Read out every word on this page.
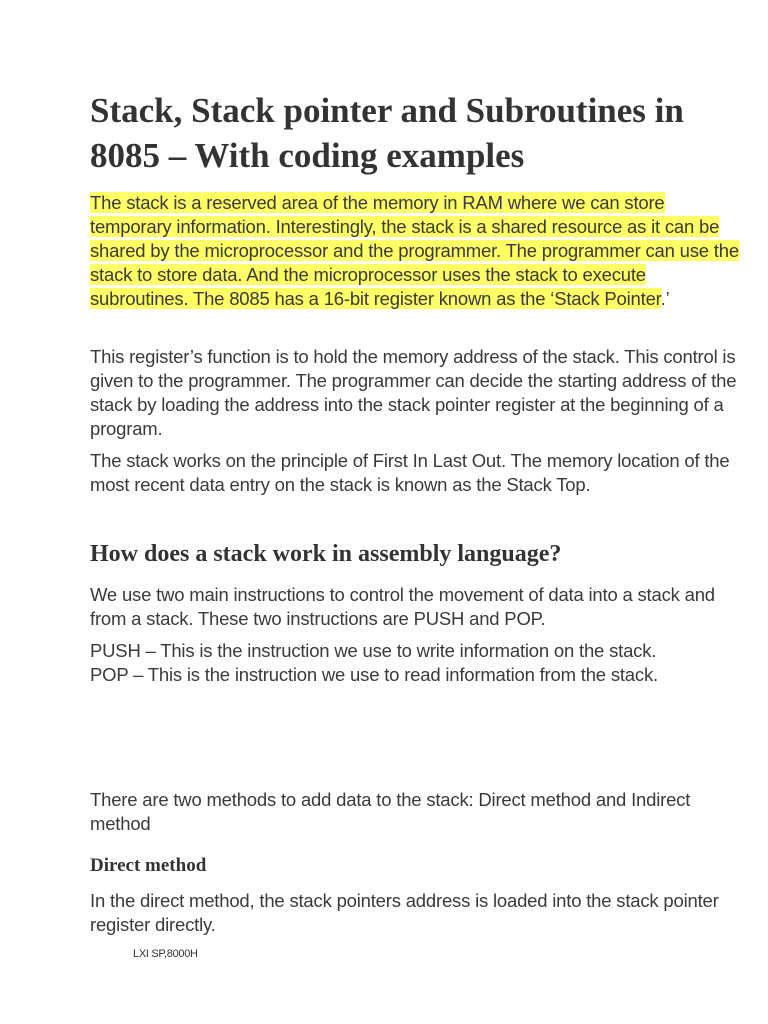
Stack, Stack pointer and Subroutines in 8085 – With coding examples

The stack is a reserved area of the memory in RAM where we can store temporary information. Interestingly, the stack is a shared resource as it can be shared by the microprocessor and the programmer. The programmer can use the stack to store data. And the microprocessor uses the stack to execute subroutines. The 8085 has a 16-bit register known as the ‘Stack Pointer.’

This register’s function is to hold the memory address of the stack. This control is given to the programmer. The programmer can decide the starting address of the stack by loading the address into the stack pointer register at the beginning of a program.

The stack works on the principle of First In Last Out. The memory location of the most recent data entry on the stack is known as the Stack Top.

How does a stack work in assembly language?

We use two main instructions to control the movement of data into a stack and from a stack. These two instructions are PUSH and POP.

PUSH – This is the instruction we use to write information on the stack.
POP – This is the instruction we use to read information from the stack.

There are two methods to add data to the stack: Direct method and Indirect method

Direct method

In the direct method, the stack pointers address is loaded into the stack pointer register directly.

LXI SP,8000H
